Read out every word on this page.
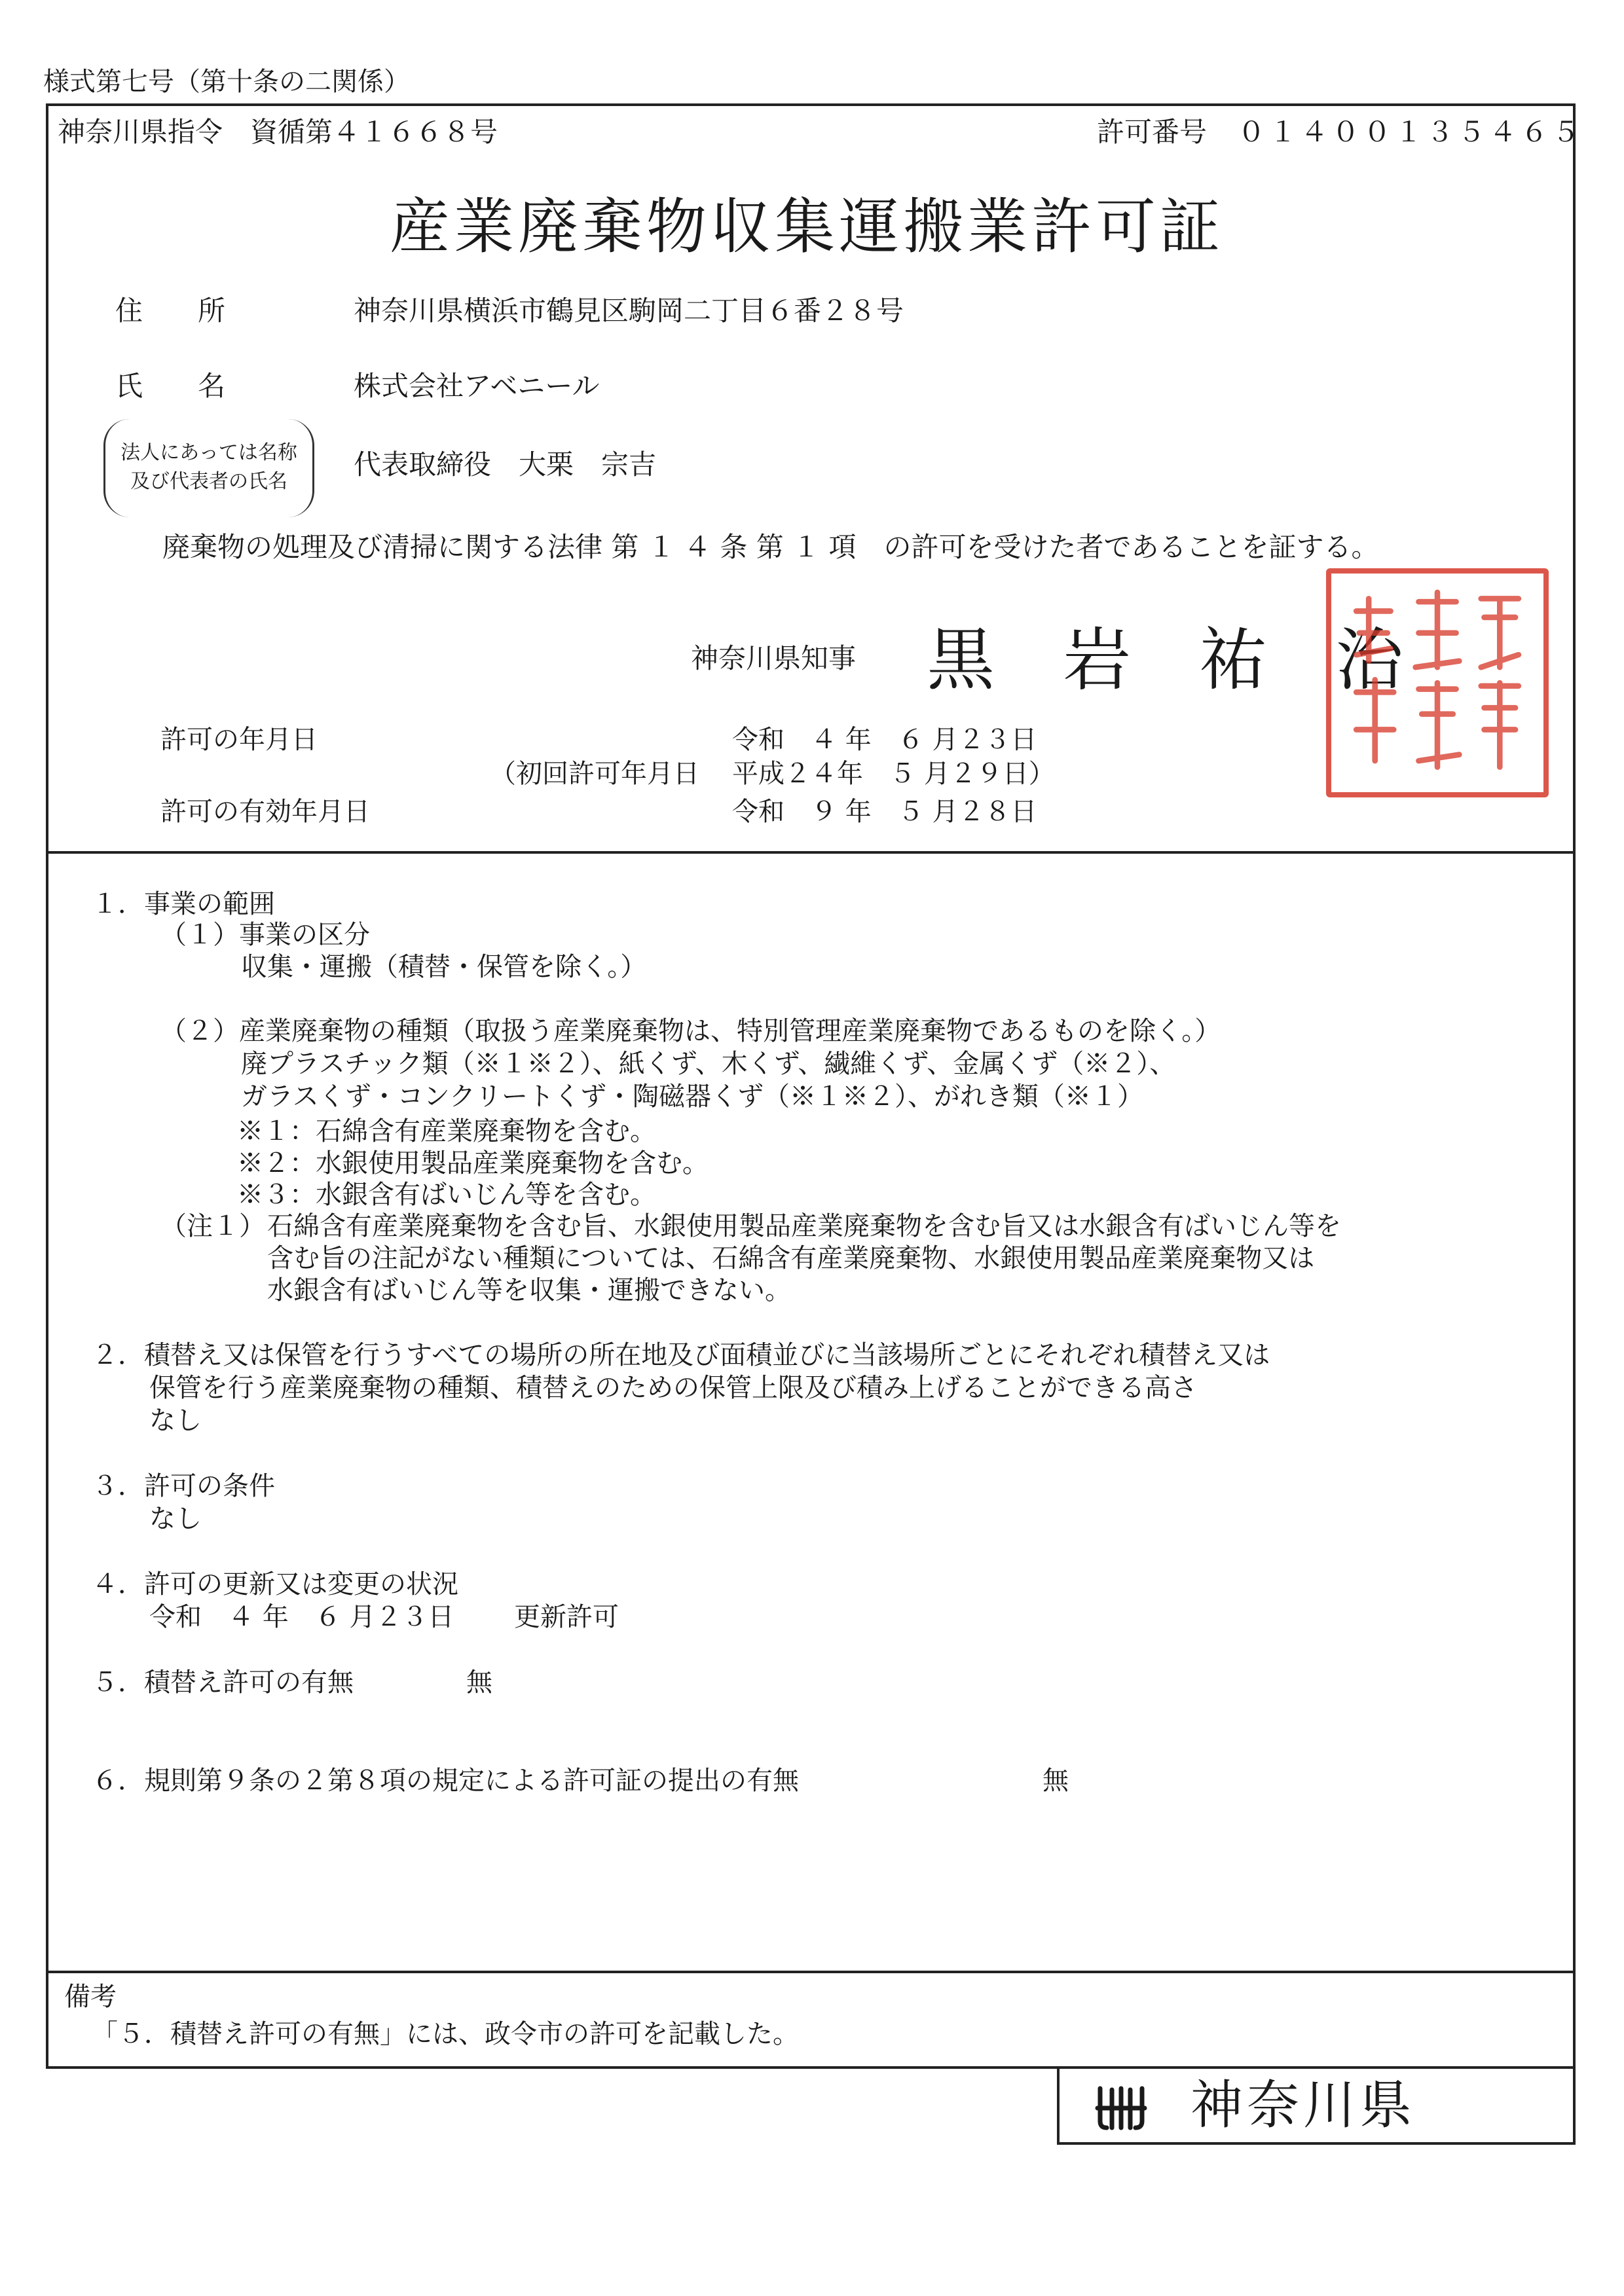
様式第七号（第十条の二関係）
神奈川県指令　資循第４１６６８号	許可番号 ０１４００１３５４６５
産業廃棄物収集運搬業許可証
住　　所	神奈川県横浜市鶴見区駒岡二丁目６番２８号
氏　　名	株式会社アベニール
法人にあっては名称
及び代表者の氏名
代表取締役　大栗　宗吉
廃棄物の処理及び清掃に関する法律 第 １ ４ 条 第 １ 項　の許可を受けた者であることを証する。
神奈川県知事 黒岩祐治
許可の年月日	令和　４ 年　６ 月２３日
（初回許可年月日 平成２４年　５ 月２９日）
許可の有効年月日	令和　９ 年　５ 月２８日
１．事業の範囲
（１）事業の区分
収集・運搬（積替・保管を除く。）
（２）産業廃棄物の種類（取扱う産業廃棄物は、特別管理産業廃棄物であるものを除く。）
廃プラスチック類（※１※２）、紙くず、木くず、繊維くず、金属くず（※２）、
ガラスくず・コンクリートくず・陶磁器くず（※１※２）、がれき類（※１）
※１：石綿含有産業廃棄物を含む。
※２：水銀使用製品産業廃棄物を含む。
※３：水銀含有ばいじん等を含む。
（注１） 石綿含有産業廃棄物を含む旨、水銀使用製品産業廃棄物を含む旨又は水銀含有ばいじん等を
含む旨の注記がない種類については、石綿含有産業廃棄物、水銀使用製品産業廃棄物又は
水銀含有ばいじん等を収集・運搬できない。
２．積替え又は保管を行うすべての場所の所在地及び面積並びに当該場所ごとにそれぞれ積替え又は
保管を行う産業廃棄物の種類、積替えのための保管上限及び積み上げることができる高さ
なし
３．許可の条件
なし
４．許可の更新又は変更の状況
令和　４ 年　６ 月２３日 更新許可
５．積替え許可の有無	無
６．規則第９条の２第８項の規定による許可証の提出の有無	無
備考
「５．積替え許可の有無」には、政令市の許可を記載した。
神奈川県
